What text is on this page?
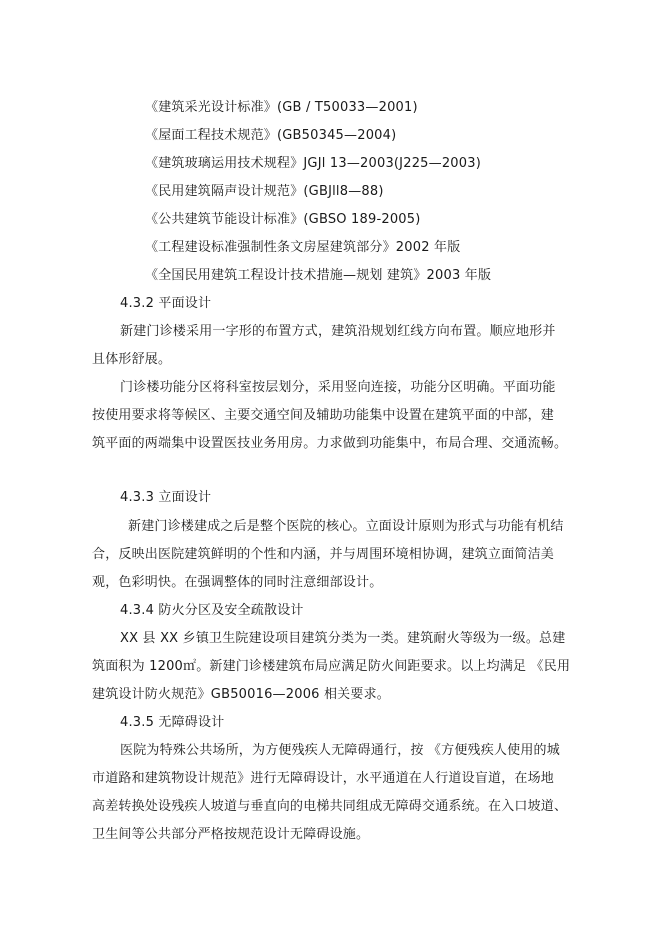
《建筑采光设计标准》(GB / T50033—2001)
《屋面工程技术规范》(GB50345—2004)
《建筑玻璃运用技术规程》JGJl 13—2003(J225—2003)
《民用建筑隔声设计规范》(GBJll8—88)
《公共建筑节能设计标准》(GBSO 189-2005)
《工程建设标准强制性条文房屋建筑部分》2002 年版
《全国民用建筑工程设计技术措施—规划 建筑》2003 年版
4.3.2 平面设计
新建门诊楼采用一字形的布置方式，建筑沿规划红线方向布置。顺应地形并
且体形舒展。
门诊楼功能分区将科室按层划分，采用竖向连接，功能分区明确。平面功能
按使用要求将等候区、主要交通空间及辅助功能集中设置在建筑平面的中部，建
筑平面的两端集中设置医技业务用房。力求做到功能集中，布局合理、交通流畅。
4.3.3 立面设计
新建门诊楼建成之后是整个医院的核心。立面设计原则为形式与功能有机结
合，反映出医院建筑鲜明的个性和内涵，并与周围环境相协调，建筑立面简洁美
观，色彩明快。在强调整体的同时注意细部设计。
4.3.4 防火分区及安全疏散设计
XX 县 XX 乡镇卫生院建设项目建筑分类为一类。建筑耐火等级为一级。总建
筑面积为 1200㎡。新建门诊楼建筑布局应满足防火间距要求。以上均满足 《民用
建筑设计防火规范》GB50016—2006 相关要求。
4.3.5 无障碍设计
医院为特殊公共场所，为方便残疾人无障碍通行，按 《方便残疾人使用的城
市道路和建筑物设计规范》进行无障碍设计，水平通道在人行道设盲道，在场地
高差转换处设残疾人坡道与垂直向的电梯共同组成无障碍交通系统。在入口坡道、
卫生间等公共部分严格按规范设计无障碍设施。
